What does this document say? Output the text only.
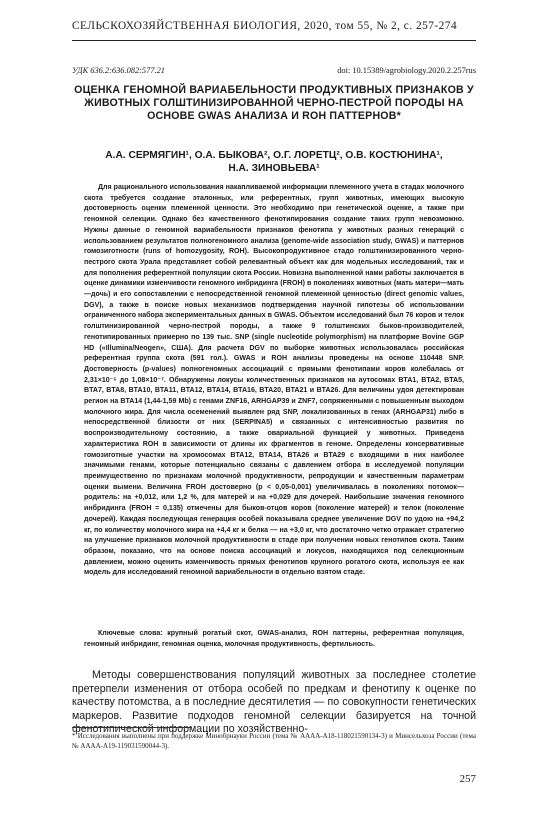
СЕЛЬСКОХОЗЯЙСТВЕННАЯ БИОЛОГИЯ, 2020, том 55, № 2, с. 257-274
УДК 636.2:636.082:577.21	doi: 10.15389/agrobiology.2020.2.257rus
ОЦЕНКА ГЕНОМНОЙ ВАРИАБЕЛЬНОСТИ ПРОДУКТИВНЫХ ПРИЗНАКОВ У ЖИВОТНЫХ ГОЛШТИНИЗИРОВАННОЙ ЧЕРНО-ПЕСТРОЙ ПОРОДЫ НА ОСНОВЕ GWAS АНАЛИЗА И ROH ПАТТЕРНОВ*
А.А. СЕРМЯГИН¹, О.А. БЫКОВА², О.Г. ЛОРЕТЦ², О.В. КОСТЮНИНА¹,
Н.А. ЗИНОВЬЕВА¹

Для рационального использования накапливаемой информации племенного учета в стадах молочного скота требуется создание эталонных, или референтных, групп животных, имеющих высокую достоверность оценки племенной ценности. Это необходимо при генетической оценке, а также при геномной селекции. Однако без качественного фенотипирования создание таких групп невозможно. Нужны данные о геномной вариабельности признаков фенотипа у животных разных генераций с использованием результатов полногеномного анализа (genome-wide association study, GWAS) и паттернов гомозиготности (runs of homozygosity, ROH). Высокопродуктивное стадо голштинизированного черно-пестрого скота Урала представляет собой релевантный объект как для модельных исследований, так и для пополнения референтной популяции скота России. Новизна выполненной нами работы заключается в оценке динамики изменчивости геномного инбридинга (FROH) в поколениях животных (мать матери—мать—дочь) и его сопоставлении с непосредственной геномной племенной ценностью (direct genomic values, DGV), а также в поиске новых механизмов подтверждения научной гипотезы об использовании ограниченного набора экспериментальных данных в GWAS. Объектом исследований был 76 коров и телок голштинизированной черно-пестрой породы, а также 9 голштинских быков-производителей, генотипированных примерно по 139 тыс. SNP (single nucleotide polymorphism) на платформе Bovine GGP HD («Illumina/Neogen», США). Для расчета DGV по выборке животных использовалась российская референтная группа скота (591 гол.). GWAS и ROH анализы проведены на основе 110448 SNP. Достоверность (p-values) полногеномных ассоциаций с прямыми фенотипами коров колебалась от 2,31×10⁻⁵ до 1,08×10⁻⁷. Обнаружены локусы количественных признаков на аутосомах BTA1, BTA2, BTA5, BTA7, BTA8, BTA10, BTA11, BTA12, BTA14, BTA16, BTA20, BTA21 и BTA26. Для величины удоя детектирован регион на BTA14 (1,44-1,59 Mb) с генами ZNF16, ARHGAP39 и ZNF7, сопряженными с повышенным выходом молочного жира. Для числа осеменений выявлен ряд SNP, локализованных в генах (ARHGAP31) либо в непосредственной близости от них (SERPINA5) и связанных с интенсивностью развития по воспроизводительному состоянию, а также овариальной функцией у животных. Приведена характеристика ROH в зависимости от длины их фрагментов в геноме. Определены консервативные гомозиготные участки на хромосомах BTA12, BTA14, BTA26 и BTA29 с входящими в них наиболее значимыми генами, которые потенциально связаны с давлением отбора в исследуемой популяции преимущественно по признакам молочной продуктивности, репродукции и качественным параметрам оценки вымени. Величина FROH достоверно (p < 0,05-0,001) увеличивалась в поколениях потомок—родитель: на +0,012, или 1,2 %, для матерей и на +0,029 для дочерей. Наибольшие значения геномного инбридинга (FROH = 0,135) отмечены для быков-отцов коров (поколение матерей) и телок (поколение дочерей). Каждая последующая генерация особей показывала среднее увеличение DGV по удою на +94,2 кг, по количеству молочного жира на +4,4 кг и белка — на +3,0 кг, что достаточно четко отражает стратегию на улучшение признаков молочной продуктивности в стаде при получении новых генотипов скота. Таким образом, показано, что на основе поиска ассоциаций и локусов, находящихся под селекционным давлением, можно оценить изменчивость прямых фенотипов крупного рогатого скота, используя ее как модель для исследований геномной вариабельности в отдельно взятом стаде.

Ключевые слова: крупный рогатый скот, GWAS-анализ, ROH паттерны, референтная популяция, геномный инбридинг, геномная оценка, молочная продуктивность, фертильность.

Методы совершенствования популяций животных за последнее столетие претерпели изменения от отбора особей по предкам и фенотипу к оценке по качеству потомства, а в последние десятилетия — по совокупности генетических маркеров. Развитие подходов геномной селекции базируется на точной фенотипической информации по хозяйственно-

* Исследования выполнены при поддержке Минобрнауки России (тема № АААА-А18-118021590134-3) и Минсельхоза России (тема № АААА-А19-119031590044-3).

257
